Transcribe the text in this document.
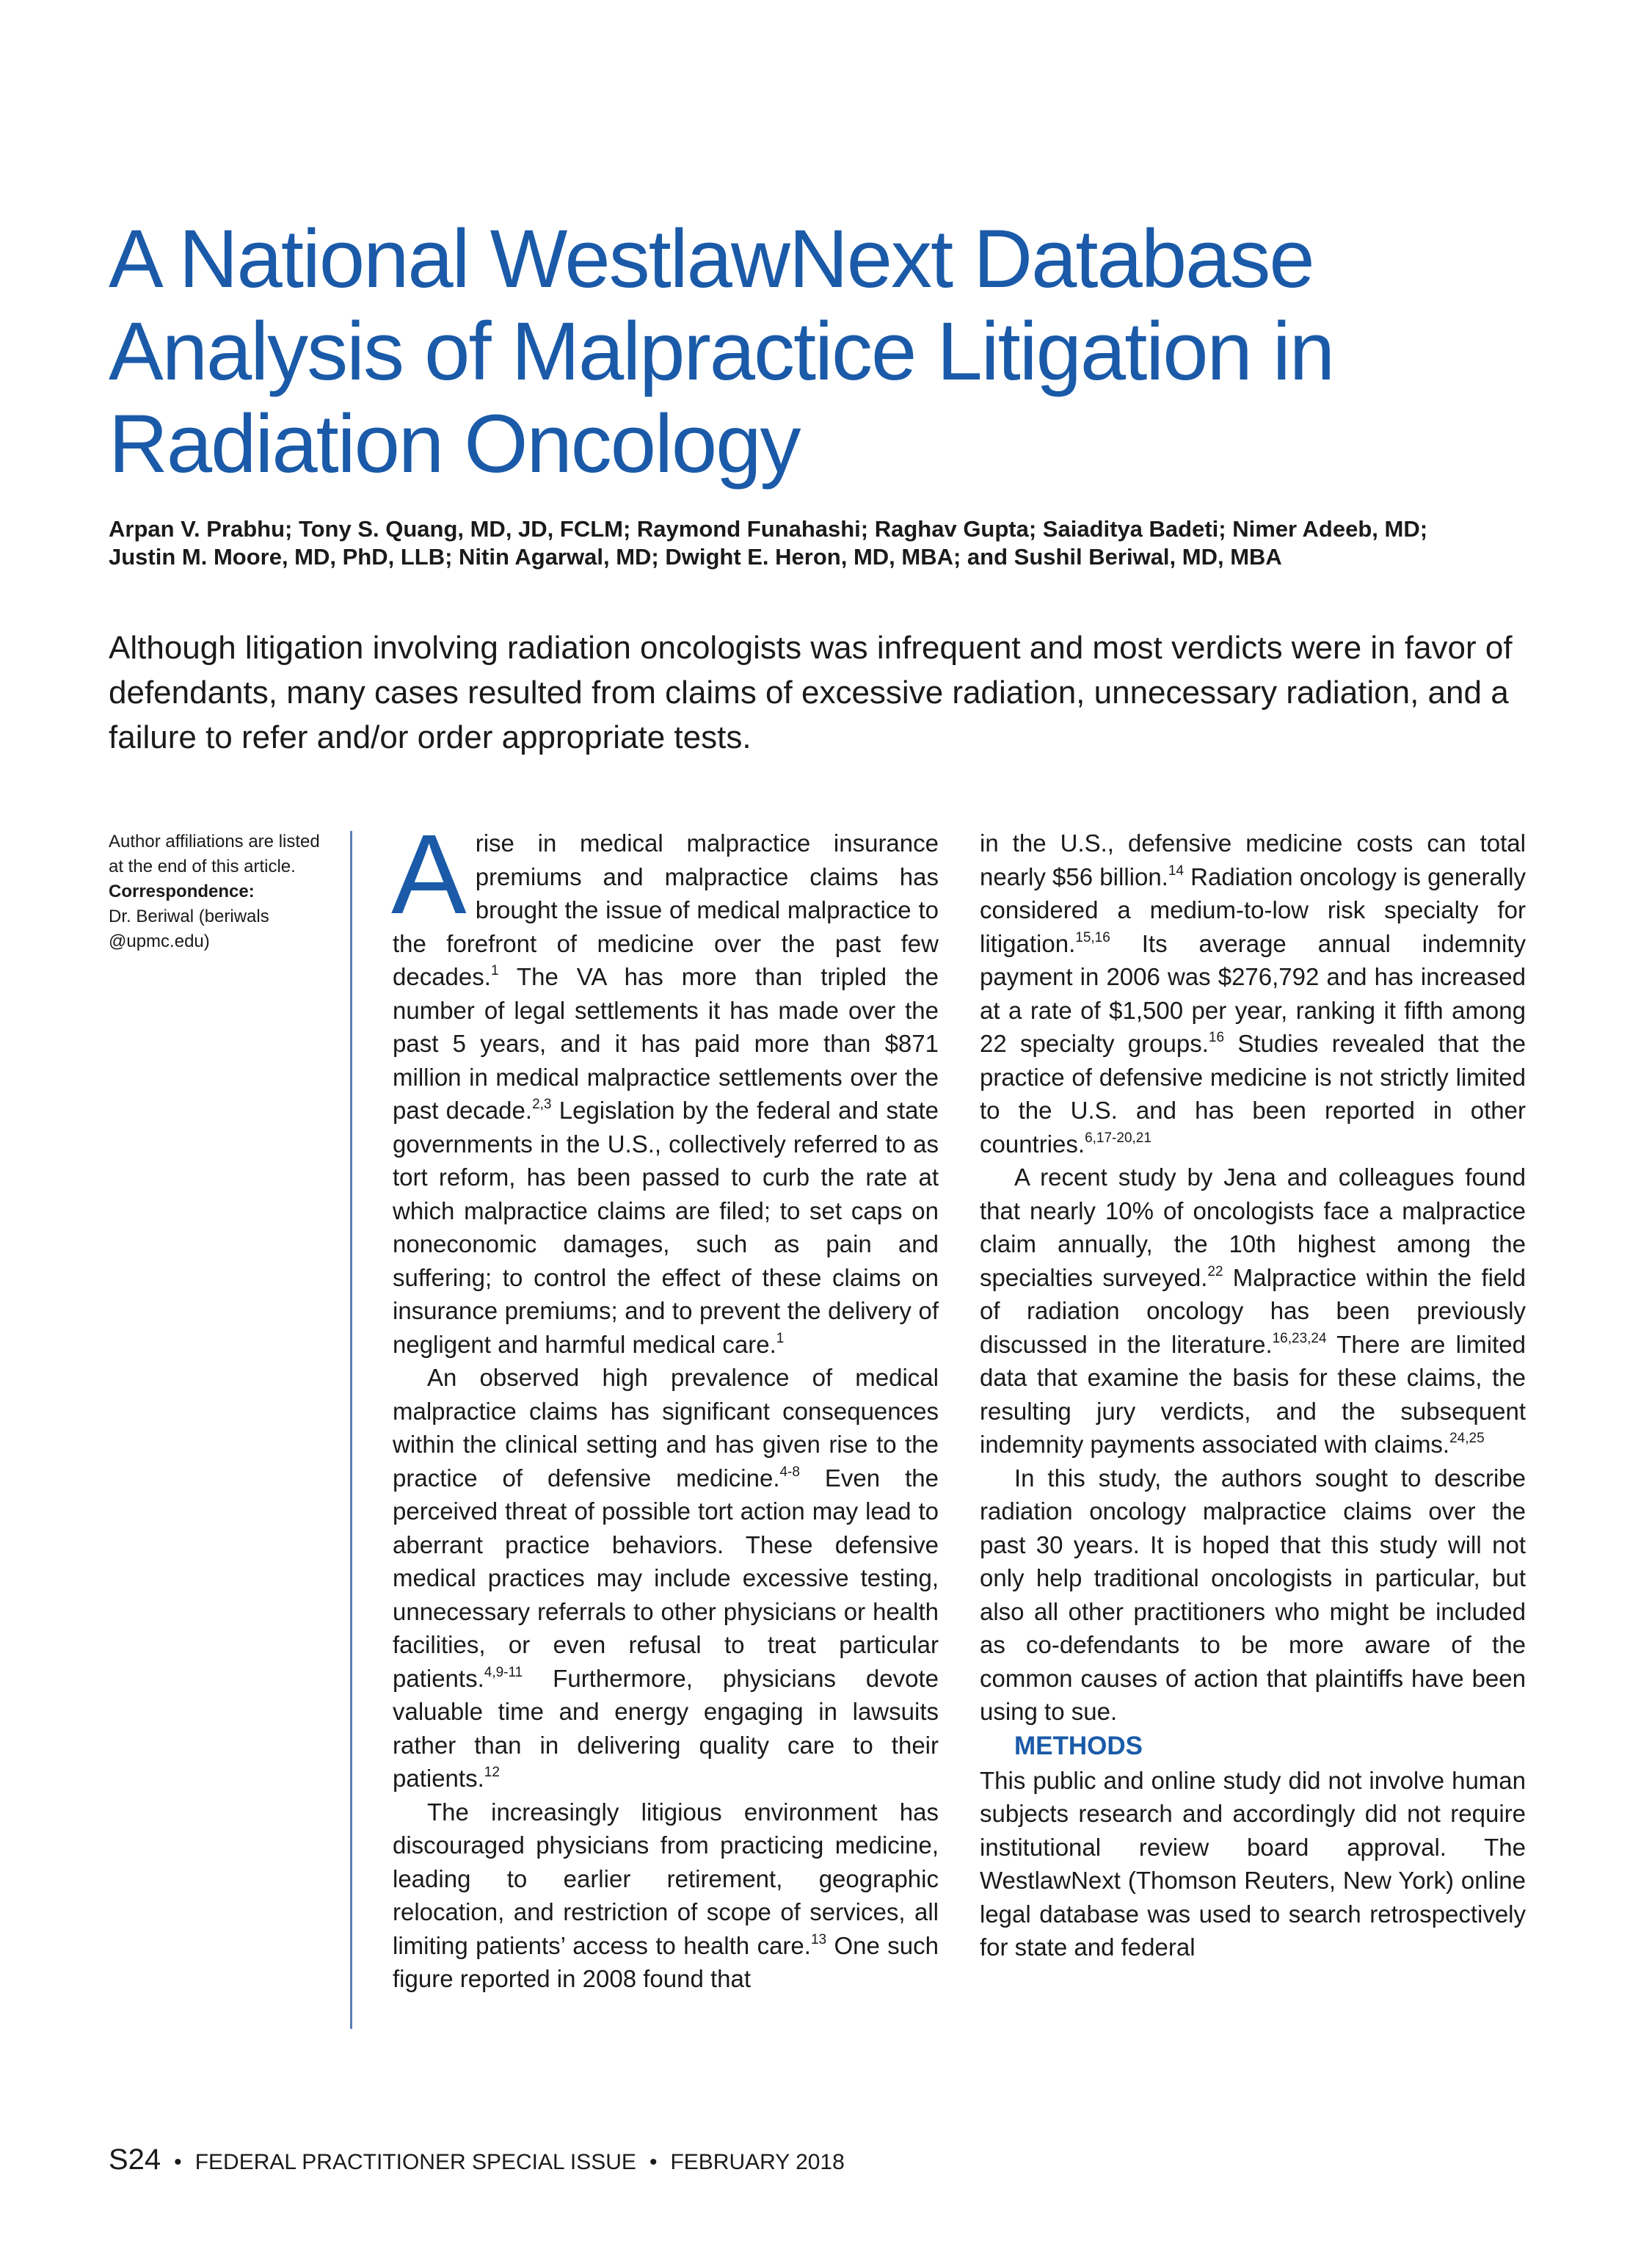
A National WestlawNext Database Analysis of Malpractice Litigation in Radiation Oncology
Arpan V. Prabhu; Tony S. Quang, MD, JD, FCLM; Raymond Funahashi; Raghav Gupta; Saiaditya Badeti; Nimer Adeeb, MD; Justin M. Moore, MD, PhD, LLB; Nitin Agarwal, MD; Dwight E. Heron, MD, MBA; and Sushil Beriwal, MD, MBA
Although litigation involving radiation oncologists was infrequent and most verdicts were in favor of defendants, many cases resulted from claims of excessive radiation, unnecessary radiation, and a failure to refer and/or order appropriate tests.
Author affiliations are listed at the end of this article.
Correspondence:
Dr. Beriwal (beriwals @upmc.edu)

Arise in medical malpractice insurance premiums and malpractice claims has brought the issue of medical malpractice to the forefront of medicine over the past few decades.$^1$ The VA has more than tripled the number of legal settlements it has made over the past 5 years, and it has paid more than $871 million in medical malpractice settlements over the past decade.$^{2,3}$ Legislation by the federal and state governments in the U.S., collectively referred to as tort reform, has been passed to curb the rate at which malpractice claims are filed; to set caps on noneconomic damages, such as pain and suffering; to control the effect of these claims on insurance premiums; and to prevent the delivery of negligent and harmful medical care.$^1$

An observed high prevalence of medical malpractice claims has significant consequences within the clinical setting and has given rise to the practice of defensive medicine.$^{4-8}$ Even the perceived threat of possible tort action may lead to aberrant practice behaviors. These defensive medical practices may include excessive testing, unnecessary referrals to other physicians or health facilities, or even refusal to treat particular patients.$^{4,9-11}$ Furthermore, physicians devote valuable time and energy engaging in lawsuits rather than in delivering quality care to their patients.$^{12}$

The increasingly litigious environment has discouraged physicians from practicing medicine, leading to earlier retirement, geographic relocation, and restriction of scope of services, all limiting patients’ access to health care.$^{13}$ One such figure reported in 2008 found that

in the U.S., defensive medicine costs can total nearly $56 billion.$^{14}$ Radiation oncology is generally considered a medium-to-low risk specialty for litigation.$^{15,16}$ Its average annual indemnity payment in 2006 was $276,792 and has increased at a rate of $1,500 per year, ranking it fifth among 22 specialty groups.$^{16}$ Studies revealed that the practice of defensive medicine is not strictly limited to the U.S. and has been reported in other countries.$^{6,17-20,21}$

A recent study by Jena and colleagues found that nearly 10% of oncologists face a malpractice claim annually, the 10th highest among the specialties surveyed.$^{22}$ Malpractice within the field of radiation oncology has been previously discussed in the literature.$^{16,23,24}$ There are limited data that examine the basis for these claims, the resulting jury verdicts, and the subsequent indemnity payments associated with claims.$^{24,25}$

In this study, the authors sought to describe radiation oncology malpractice claims over the past 30 years. It is hoped that this study will not only help traditional oncologists in particular, but also all other practitioners who might be included as co-defendants to be more aware of the common causes of action that plaintiffs have been using to sue.

METHODS

This public and online study did not involve human subjects research and accordingly did not require institutional review board approval. The WestlawNext (Thomson Reuters, New York) online legal database was used to search retrospectively for state and federal

S24 • FEDERAL PRACTITIONER SPECIAL ISSUE • FEBRUARY 2018
